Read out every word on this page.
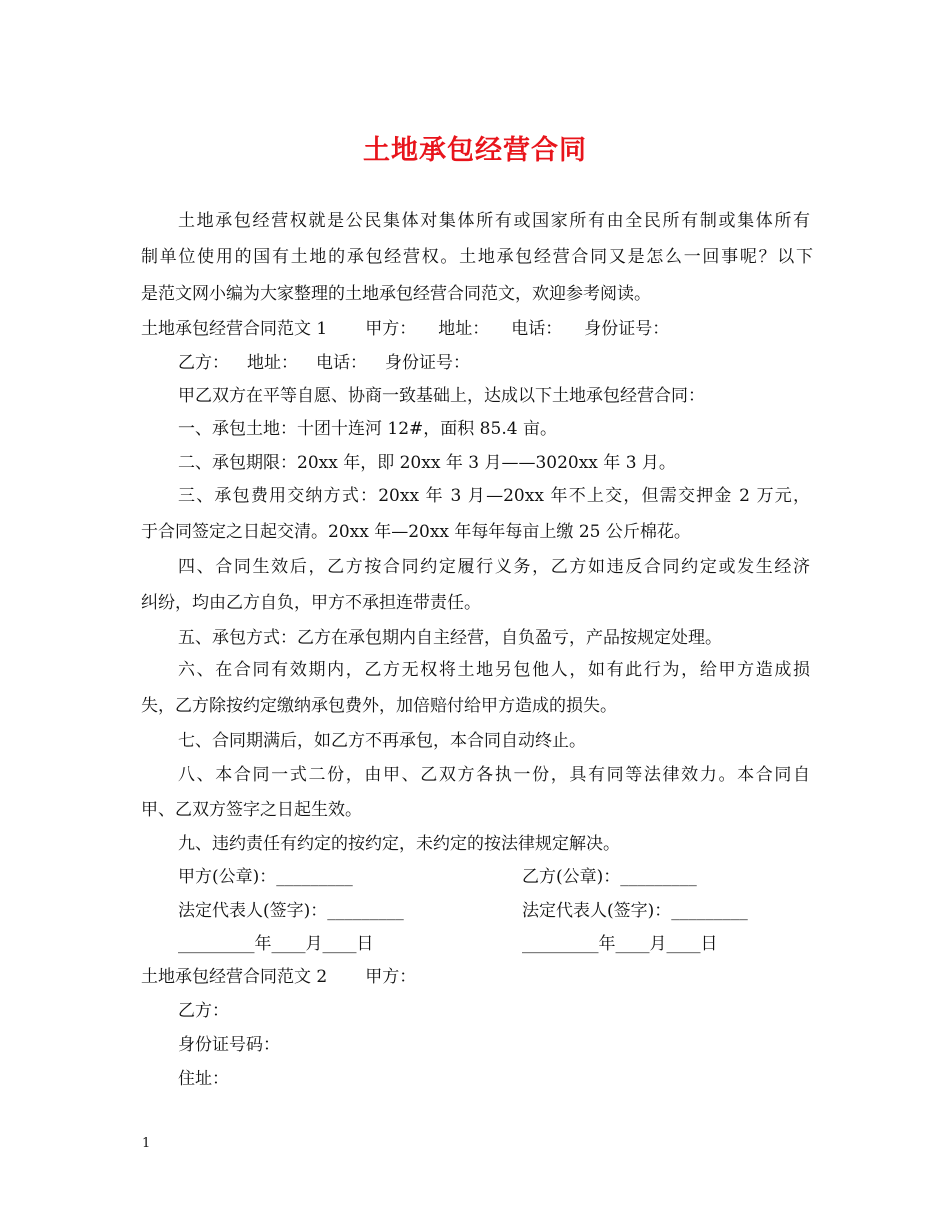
土地承包经营合同
土地承包经营权就是公民集体对集体所有或国家所有由全民所有制或集体所有
制单位使用的国有土地的承包经营权。土地承包经营合同又是怎么一回事呢？以下
是范文网小编为大家整理的土地承包经营合同范文，欢迎参考阅读。
土地承包经营合同范文 1 甲方： 地址： 电话： 身份证号：
乙方： 地址： 电话： 身份证号：
甲乙双方在平等自愿、协商一致基础上，达成以下土地承包经营合同：
一、承包土地：十团十连河 12#，面积 85.4 亩。
二、承包期限：20xx 年，即 20xx 年 3 月——3020xx 年 3 月。
三、承包费用交纳方式：20xx 年 3 月—20xx 年不上交，但需交押金 2 万元，
于合同签定之日起交清。20xx 年—20xx 年每年每亩上缴 25 公斤棉花。
四、合同生效后，乙方按合同约定履行义务，乙方如违反合同约定或发生经济
纠纷，均由乙方自负，甲方不承担连带责任。
五、承包方式：乙方在承包期内自主经营，自负盈亏，产品按规定处理。
六、在合同有效期内，乙方无权将土地另包他人，如有此行为，给甲方造成损
失，乙方除按约定缴纳承包费外，加倍赔付给甲方造成的损失。
七、合同期满后，如乙方不再承包，本合同自动终止。
八、本合同一式二份，由甲、乙双方各执一份，具有同等法律效力。本合同自
甲、乙双方签字之日起生效。
九、违约责任有约定的按约定，未约定的按法律规定解决。
甲方(公章)：_________	乙方(公章)：_________
法定代表人(签字)：_________	法定代表人(签字)：_________
_________年____月____日	_________年____月____日
土地承包经营合同范文 2 甲方：
乙方：
身份证号码：
住址：
1
